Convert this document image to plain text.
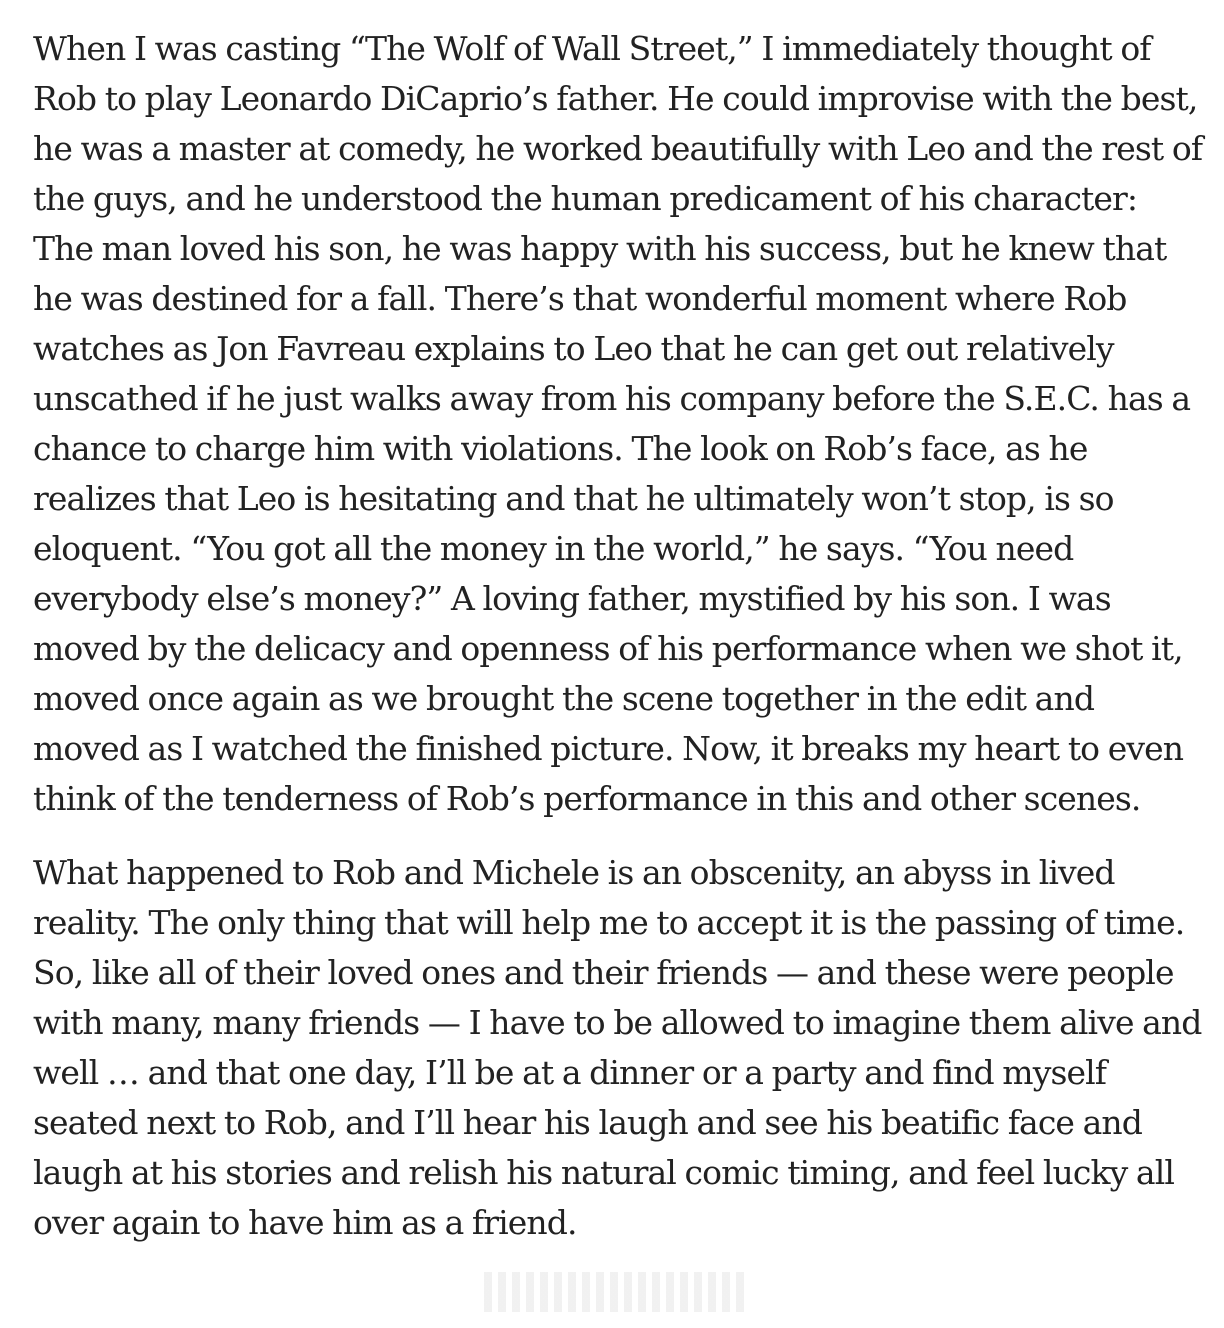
When I was casting “The Wolf of Wall Street,” I immediately thought of Rob to play Leonardo DiCaprio’s father. He could improvise with the best, he was a master at comedy, he worked beautifully with Leo and the rest of the guys, and he understood the human predicament of his character: The man loved his son, he was happy with his success, but he knew that he was destined for a fall. There’s that wonderful moment where Rob watches as Jon Favreau explains to Leo that he can get out relatively unscathed if he just walks away from his company before the S.E.C. has a chance to charge him with violations. The look on Rob’s face, as he realizes that Leo is hesitating and that he ultimately won’t stop, is so eloquent. “You got all the money in the world,” he says. “You need everybody else’s money?” A loving father, mystified by his son. I was moved by the delicacy and openness of his performance when we shot it, moved once again as we brought the scene together in the edit and moved as I watched the finished picture. Now, it breaks my heart to even think of the tenderness of Rob’s performance in this and other scenes.

What happened to Rob and Michele is an obscenity, an abyss in lived reality. The only thing that will help me to accept it is the passing of time. So, like all of their loved ones and their friends — and these were people with many, many friends — I have to be allowed to imagine them alive and well … and that one day, I’ll be at a dinner or a party and find myself seated next to Rob, and I’ll hear his laugh and see his beatific face and laugh at his stories and relish his natural comic timing, and feel lucky all over again to have him as a friend.
